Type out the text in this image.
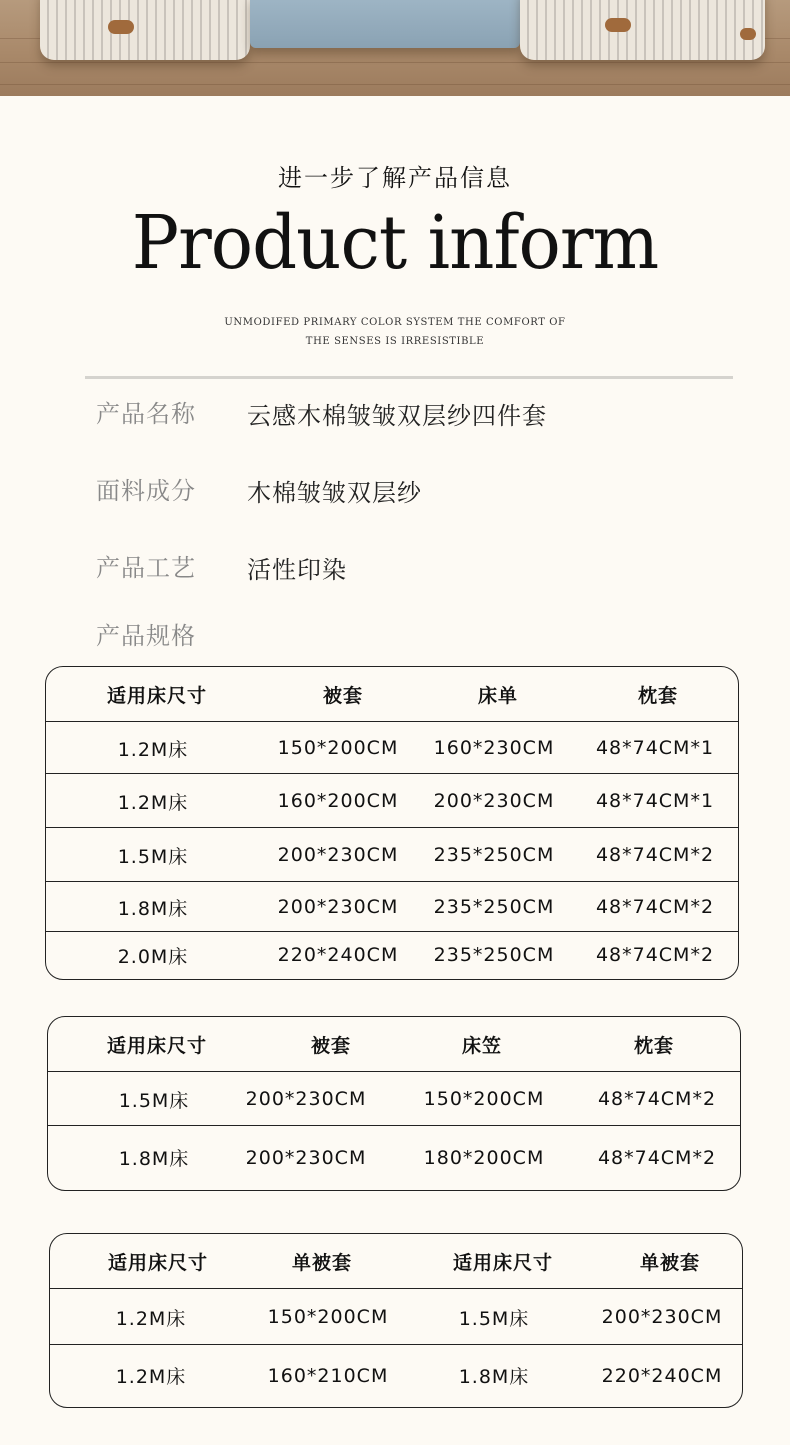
进一步了解产品信息
Product inform
UNMODIFED PRIMARY COLOR SYSTEM THE COMFORT OF
THE SENSES IS IRRESISTIBLE
产品名称 云感木棉皱皱双层纱四件套
面料成分 木棉皱皱双层纱
产品工艺 活性印染
产品规格
适用床尺寸	被套	床单	枕套
1.2M床	150*200CM	160*230CM	48*74CM*1
1.2M床	160*200CM	200*230CM	48*74CM*1
1.5M床	200*230CM	235*250CM	48*74CM*2
1.8M床	200*230CM	235*250CM	48*74CM*2
2.0M床	220*240CM	235*250CM	48*74CM*2
适用床尺寸	被套	床笠	枕套
1.5M床	200*230CM	150*200CM	48*74CM*2
1.8M床	200*230CM	180*200CM	48*74CM*2
适用床尺寸	单被套	适用床尺寸	单被套
1.2M床	150*200CM	1.5M床	200*230CM
1.2M床	160*210CM	1.8M床	220*240CM
